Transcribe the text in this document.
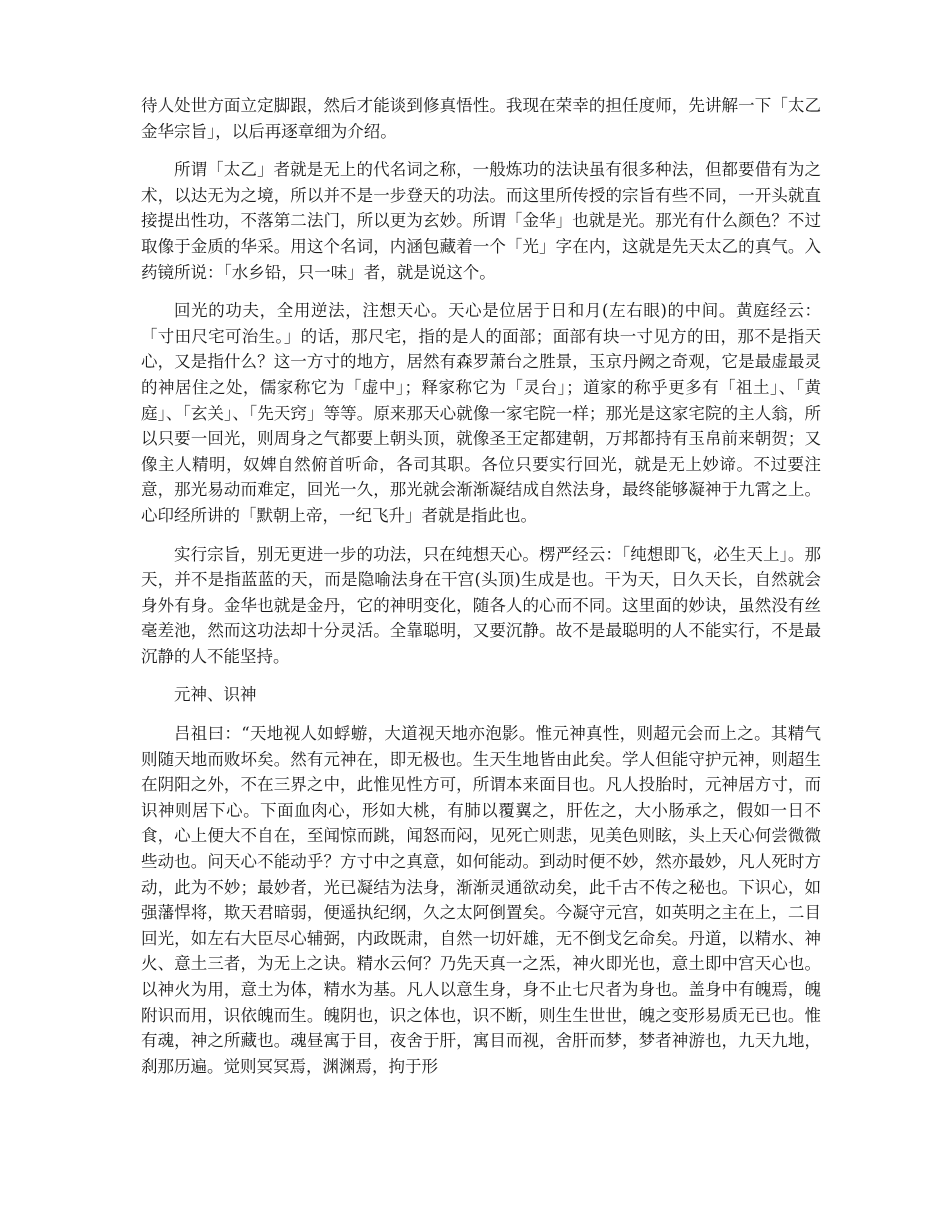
待人处世方面立定脚跟，然后才能谈到修真悟性。我现在荣幸的担任度师，先讲解一下「太乙金华宗旨」，以后再逐章细为介绍。

所谓「太乙」者就是无上的代名词之称，一般炼功的法诀虽有很多种法，但都要借有为之术，以达无为之境，所以并不是一步登天的功法。而这里所传授的宗旨有些不同，一开头就直接提出性功，不落第二法门，所以更为玄妙。所谓「金华」也就是光。那光有什么颜色？不过取像于金质的华采。用这个名词，内涵包藏着一个「光」字在内，这就是先天太乙的真气。入药镜所说：「水乡铅，只一味」者，就是说这个。

回光的功夫，全用逆法，注想天心。天心是位居于日和月(左右眼)的中间。黄庭经云：「寸田尺宅可治生。」的话，那尺宅，指的是人的面部；面部有块一寸见方的田，那不是指天心，又是指什么？这一方寸的地方，居然有森罗萧台之胜景，玉京丹阙之奇观，它是最虚最灵的神居住之处，儒家称它为「虚中」；释家称它为「灵台」；道家的称乎更多有「祖土」、「黄庭」、「玄关」、「先天窍」等等。原来那天心就像一家宅院一样；那光是这家宅院的主人翁，所以只要一回光，则周身之气都要上朝头顶，就像圣王定都建朝，万邦都持有玉帛前来朝贺；又像主人精明，奴婢自然俯首听命，各司其职。各位只要实行回光，就是无上妙谛。不过要注意，那光易动而难定，回光一久，那光就会渐渐凝结成自然法身，最终能够凝神于九霄之上。心印经所讲的「默朝上帝，一纪飞升」者就是指此也。

实行宗旨，别无更进一步的功法，只在纯想天心。楞严经云：「纯想即飞，必生天上」。那天，并不是指蓝蓝的天，而是隐喻法身在干宫(头顶)生成是也。干为天，日久天长，自然就会身外有身。金华也就是金丹，它的神明变化，随各人的心而不同。这里面的妙诀，虽然没有丝毫差池，然而这功法却十分灵活。全靠聪明，又要沉静。故不是最聪明的人不能实行，不是最沉静的人不能坚持。

元神、识神

吕祖曰：“天地视人如蜉蝣，大道视天地亦泡影。惟元神真性，则超元会而上之。其精气则随天地而败坏矣。然有元神在，即无极也。生天生地皆由此矣。学人但能守护元神，则超生在阴阳之外，不在三界之中，此惟见性方可，所谓本来面目也。凡人投胎时，元神居方寸，而识神则居下心。下面血肉心，形如大桃，有肺以覆翼之，肝佐之，大小肠承之，假如一日不食，心上便大不自在，至闻惊而跳，闻怒而闷，见死亡则悲，见美色则眩，头上天心何尝微微些动也。问天心不能动乎？方寸中之真意，如何能动。到动时便不妙，然亦最妙，凡人死时方动，此为不妙；最妙者，光已凝结为法身，渐渐灵通欲动矣，此千古不传之秘也。下识心，如强藩悍将，欺天君暗弱，便遥执纪纲，久之太阿倒置矣。今凝守元宫，如英明之主在上，二目回光，如左右大臣尽心辅弼，内政既肃，自然一切奸雄，无不倒戈乞命矣。丹道，以精水、神火、意土三者，为无上之诀。精水云何？乃先天真一之炁，神火即光也，意土即中宫天心也。以神火为用，意土为体，精水为基。凡人以意生身，身不止七尺者为身也。盖身中有魄焉，魄附识而用，识依魄而生。魄阴也，识之体也，识不断，则生生世世，魄之变形易质无已也。惟有魂，神之所藏也。魂昼寓于目，夜舍于肝，寓目而视，舍肝而梦，梦者神游也，九天九地，刹那历遍。觉则冥冥焉，渊渊焉，拘于形
